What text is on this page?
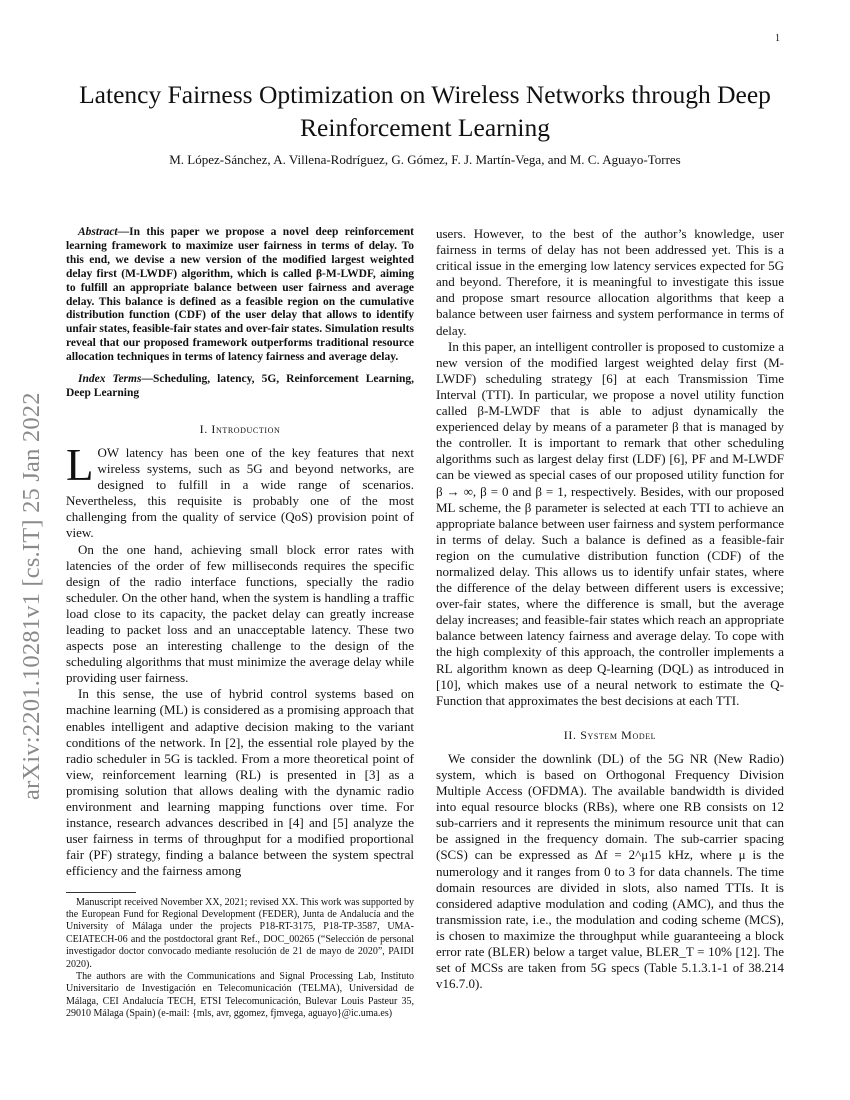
1
arXiv:2201.10281v1 [cs.IT] 25 Jan 2022
Latency Fairness Optimization on Wireless Networks through Deep Reinforcement Learning
M. López-Sánchez, A. Villena-Rodríguez, G. Gómez, F. J. Martín-Vega, and M. C. Aguayo-Torres

Abstract—In this paper we propose a novel deep reinforcement learning framework to maximize user fairness in terms of delay. To this end, we devise a new version of the modified largest weighted delay first (M-LWDF) algorithm, which is called β-M-LWDF, aiming to fulfill an appropriate balance between user fairness and average delay. This balance is defined as a feasible region on the cumulative distribution function (CDF) of the user delay that allows to identify unfair states, feasible-fair states and over-fair states. Simulation results reveal that our proposed framework outperforms traditional resource allocation techniques in terms of latency fairness and average delay.

Index Terms—Scheduling, latency, 5G, Reinforcement Learning, Deep Learning

I. Introduction

LOW latency has been one of the key features that next wireless systems, such as 5G and beyond networks, are designed to fulfill in a wide range of scenarios. Nevertheless, this requisite is probably one of the most challenging from the quality of service (QoS) provision point of view.

On the one hand, achieving small block error rates with latencies of the order of few milliseconds requires the specific design of the radio interface functions, specially the radio scheduler. On the other hand, when the system is handling a traffic load close to its capacity, the packet delay can greatly increase leading to packet loss and an unacceptable latency. These two aspects pose an interesting challenge to the design of the scheduling algorithms that must minimize the average delay while providing user fairness.

In this sense, the use of hybrid control systems based on machine learning (ML) is considered as a promising approach that enables intelligent and adaptive decision making to the variant conditions of the network. In [2], the essential role played by the radio scheduler in 5G is tackled. From a more theoretical point of view, reinforcement learning (RL) is presented in [3] as a promising solution that allows dealing with the dynamic radio environment and learning mapping functions over time. For instance, research advances described in [4] and [5] analyze the user fairness in terms of throughput for a modified proportional fair (PF) strategy, finding a balance between the system spectral efficiency and the fairness among

Manuscript received November XX, 2021; revised XX. This work was supported by the European Fund for Regional Development (FEDER), Junta de Andalucía and the University of Málaga under the projects P18-RT-3175, P18-TP-3587, UMA-CEIATECH-06 and the postdoctoral grant Ref., DOC_00265 (“Selección de personal investigador doctor convocado mediante resolución de 21 de mayo de 2020”, PAIDI 2020).

The authors are with the Communications and Signal Processing Lab, Instituto Universitario de Investigación en Telecomunicación (TELMA), Universidad de Málaga, CEI Andalucía TECH, ETSI Telecomunicación, Bulevar Louis Pasteur 35, 29010 Málaga (Spain) (e-mail: {mls, avr, ggomez, fjmvega, aguayo}@ic.uma.es)

users. However, to the best of the author’s knowledge, user fairness in terms of delay has not been addressed yet. This is a critical issue in the emerging low latency services expected for 5G and beyond. Therefore, it is meaningful to investigate this issue and propose smart resource allocation algorithms that keep a balance between user fairness and system performance in terms of delay.

In this paper, an intelligent controller is proposed to customize a new version of the modified largest weighted delay first (M-LWDF) scheduling strategy [6] at each Transmission Time Interval (TTI). In particular, we propose a novel utility function called β-M-LWDF that is able to adjust dynamically the experienced delay by means of a parameter β that is managed by the controller. It is important to remark that other scheduling algorithms such as largest delay first (LDF) [6], PF and M-LWDF can be viewed as special cases of our proposed utility function for β → ∞, β = 0 and β = 1, respectively. Besides, with our proposed ML scheme, the β parameter is selected at each TTI to achieve an appropriate balance between user fairness and system performance in terms of delay. Such a balance is defined as a feasible-fair region on the cumulative distribution function (CDF) of the normalized delay. This allows us to identify unfair states, where the difference of the delay between different users is excessive; over-fair states, where the difference is small, but the average delay increases; and feasible-fair states which reach an appropriate balance between latency fairness and average delay. To cope with the high complexity of this approach, the controller implements a RL algorithm known as deep Q-learning (DQL) as introduced in [10], which makes use of a neural network to estimate the Q-Function that approximates the best decisions at each TTI.

II. System Model

We consider the downlink (DL) of the 5G NR (New Radio) system, which is based on Orthogonal Frequency Division Multiple Access (OFDMA). The available bandwidth is divided into equal resource blocks (RBs), where one RB consists on 12 sub-carriers and it represents the minimum resource unit that can be assigned in the frequency domain. The sub-carrier spacing (SCS) can be expressed as Δf = 2^μ15 kHz, where μ is the numerology and it ranges from 0 to 3 for data channels. The time domain resources are divided in slots, also named TTIs. It is considered adaptive modulation and coding (AMC), and thus the transmission rate, i.e., the modulation and coding scheme (MCS), is chosen to maximize the throughput while guaranteeing a block error rate (BLER) below a target value, BLER_T = 10% [12]. The set of MCSs are taken from 5G specs (Table 5.1.3.1-1 of 38.214 v16.7.0).
